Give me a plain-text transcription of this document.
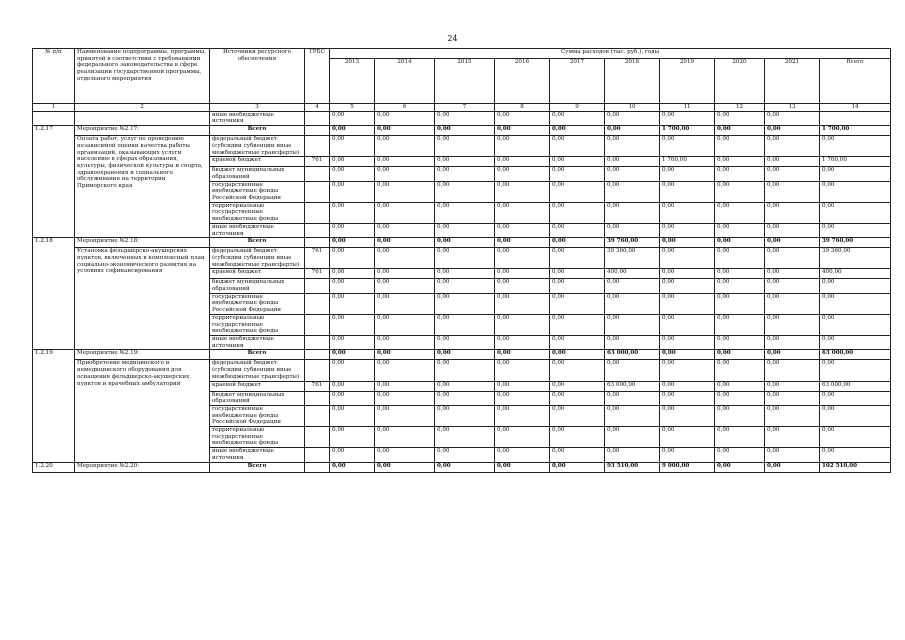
24
№ п/п	Наименование подпрограммы, программы, принятой в соответствии с требованиями федерального законодательства в сфере реализации государственной программы, отдельного мероприятия	Источники ресурсного обеспечения	ГРБС	Сумма расходов (тыс. руб.), годы									
				2013	2014	2015	2016	2017	2018	2019	2020	2021	Всего
1	2	3	4	5	6	7	8	9	10	11	12	13	14
		иные внебюджетные источники		0,00	0,00	0,00	0,00	0,00	0,00	0,00	0,00	0,00	
1.2.17	Мероприятие №2.17:	Всего		0,00	0,00	0,00	0,00	0,00	0,00	1 700,00	0,00	0,00	1 700,00
	Оплата работ, услуг по проведению независимой оценки качества работы организаций, оказывающих услуги населению в сферах образования, культуры, физической культуры и спорта, здравоохранения и социального обслуживания на территории Приморского края	федеральный бюджет (субсидии субвенции иные межбюджетные трансферты)		0,00	0,00	0,00	0,00	0,00	0,00	0,00	0,00	0,00	0,00
		краевой бюджет	761	0,00	0,00	0,00	0,00	0,00	0,00	1 700,00	0,00	0,00	1 700,00
		бюджет муниципальных образований		0,00	0,00	0,00	0,00	0,00	0,00	0,00	0,00	0,00	0,00
		государственные внебюджетные фонды Российской Федерации		0,00	0,00	0,00	0,00	0,00	0,00	0,00	0,00	0,00	0,00
		территориальные государственные внебюджетные фонды		0,00	0,00	0,00	0,00	0,00	0,00	0,00	0,00	0,00	0,00
		иные внебюджетные источники		0,00	0,00	0,00	0,00	0,00	0,00	0,00	0,00	0,00	0,00
1.2.18	Мероприятие №2.18:	Всего		0,00	0,00	0,00	0,00	0,00	39 760,00	0,00	0,00	0,00	39 760,00
	Установка фельдшерско-акушерских пунктов, включенных в комплексный план социально-экономического развития на условиях софинансирования	федеральный бюджет (субсидии субвенции иные межбюджетные трансферты)	761	0,00	0,00	0,00	0,00	0,00	39 360,00	0,00	0,00	0,00	39 360,00
		краевой бюджет	761	0,00	0,00	0,00	0,00	0,00	400,00	0,00	0,00	0,00	400,00
		бюджет муниципальных образований		0,00	0,00	0,00	0,00	0,00	0,00	0,00	0,00	0,00	0,00
		государственные внебюджетные фонды Российской Федерации		0,00	0,00	0,00	0,00	0,00	0,00	0,00	0,00	0,00	0,00
		территориальные государственные внебюджетные фонды		0,00	0,00	0,00	0,00	0,00	0,00	0,00	0,00	0,00	0,00
		иные внебюджетные источники		0,00	0,00	0,00	0,00	0,00	0,00	0,00	0,00	0,00	0,00
1.2.19	Мероприятие №2.19:	Всего		0,00	0,00	0,00	0,00	0,00	63 000,00	0,00	0,00	0,00	63 000,00
	Приобретение медицинского и немедицинского оборудования для оснащения фельдшерско-акушерских пунктов и врачебных амбулаторий	федеральный бюджет (субсидии субвенции иные межбюджетные трансферты)		0,00	0,00	0,00	0,00	0,00	0,00	0,00	0,00	0,00	0,00
		краевой бюджет	761	0,00	0,00	0,00	0,00	0,00	63 000,00	0,00	0,00	0,00	63 000,00
		бюджет муниципальных образований		0,00	0,00	0,00	0,00	0,00	0,00	0,00	0,00	0,00	0,00
		государственные внебюджетные фонды Российской Федерации		0,00	0,00	0,00	0,00	0,00	0,00	0,00	0,00	0,00	0,00
		территориальные государственные внебюджетные фонды		0,00	0,00	0,00	0,00	0,00	0,00	0,00	0,00	0,00	0,00
		иные внебюджетные источники		0,00	0,00	0,00	0,00	0,00	0,00	0,00	0,00	0,00	0,00
1.2.20	Мероприятие №2.20:	Всего		0,00	0,00	0,00	0,00	0,00	93 510,00	9 000,00	0,00	0,00	102 510,00
